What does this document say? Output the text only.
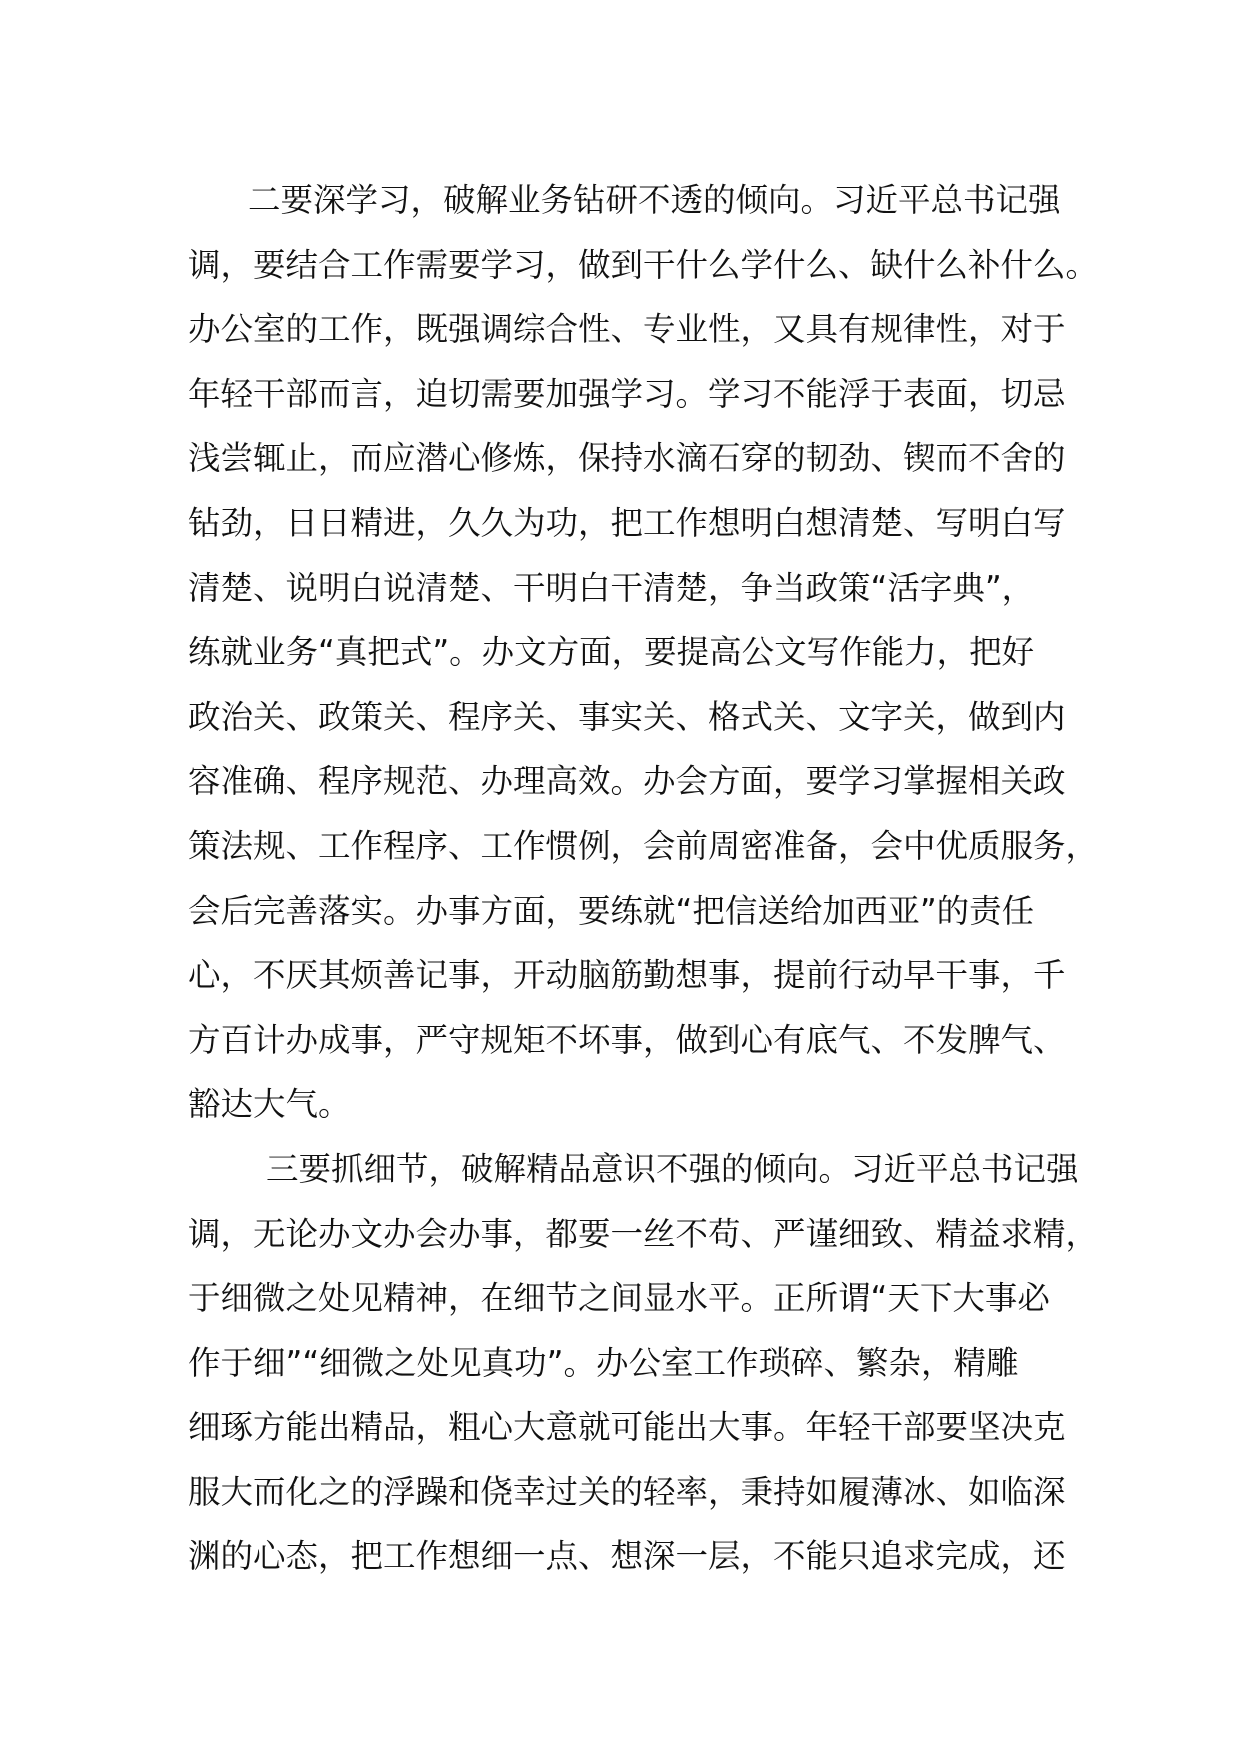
二要深学习，破解业务钻研不透的倾向。习近平总书记强
调，要结合工作需要学习，做到干什么学什么、缺什么补什么。
办公室的工作，既强调综合性、专业性，又具有规律性，对于
年轻干部而言，迫切需要加强学习。学习不能浮于表面，切忌
浅尝辄止，而应潜心修炼，保持水滴石穿的韧劲、锲而不舍的
钻劲，日日精进，久久为功，把工作想明白想清楚、写明白写
清楚、说明白说清楚、干明白干清楚，争当政策“活字典”，
练就业务“真把式”。办文方面，要提高公文写作能力，把好
政治关、政策关、程序关、事实关、格式关、文字关，做到内
容准确、程序规范、办理高效。办会方面，要学习掌握相关政
策法规、工作程序、工作惯例，会前周密准备，会中优质服务，
会后完善落实。办事方面，要练就“把信送给加西亚”的责任
心，不厌其烦善记事，开动脑筋勤想事，提前行动早干事，千
方百计办成事，严守规矩不坏事，做到心有底气、不发脾气、
豁达大气。
三要抓细节，破解精品意识不强的倾向。习近平总书记强
调，无论办文办会办事，都要一丝不苟、严谨细致、精益求精，
于细微之处见精神，在细节之间显水平。正所谓“天下大事必
作于细”“细微之处见真功”。办公室工作琐碎、繁杂，精雕
细琢方能出精品，粗心大意就可能出大事。年轻干部要坚决克
服大而化之的浮躁和侥幸过关的轻率，秉持如履薄冰、如临深
渊的心态，把工作想细一点、想深一层，不能只追求完成，还
